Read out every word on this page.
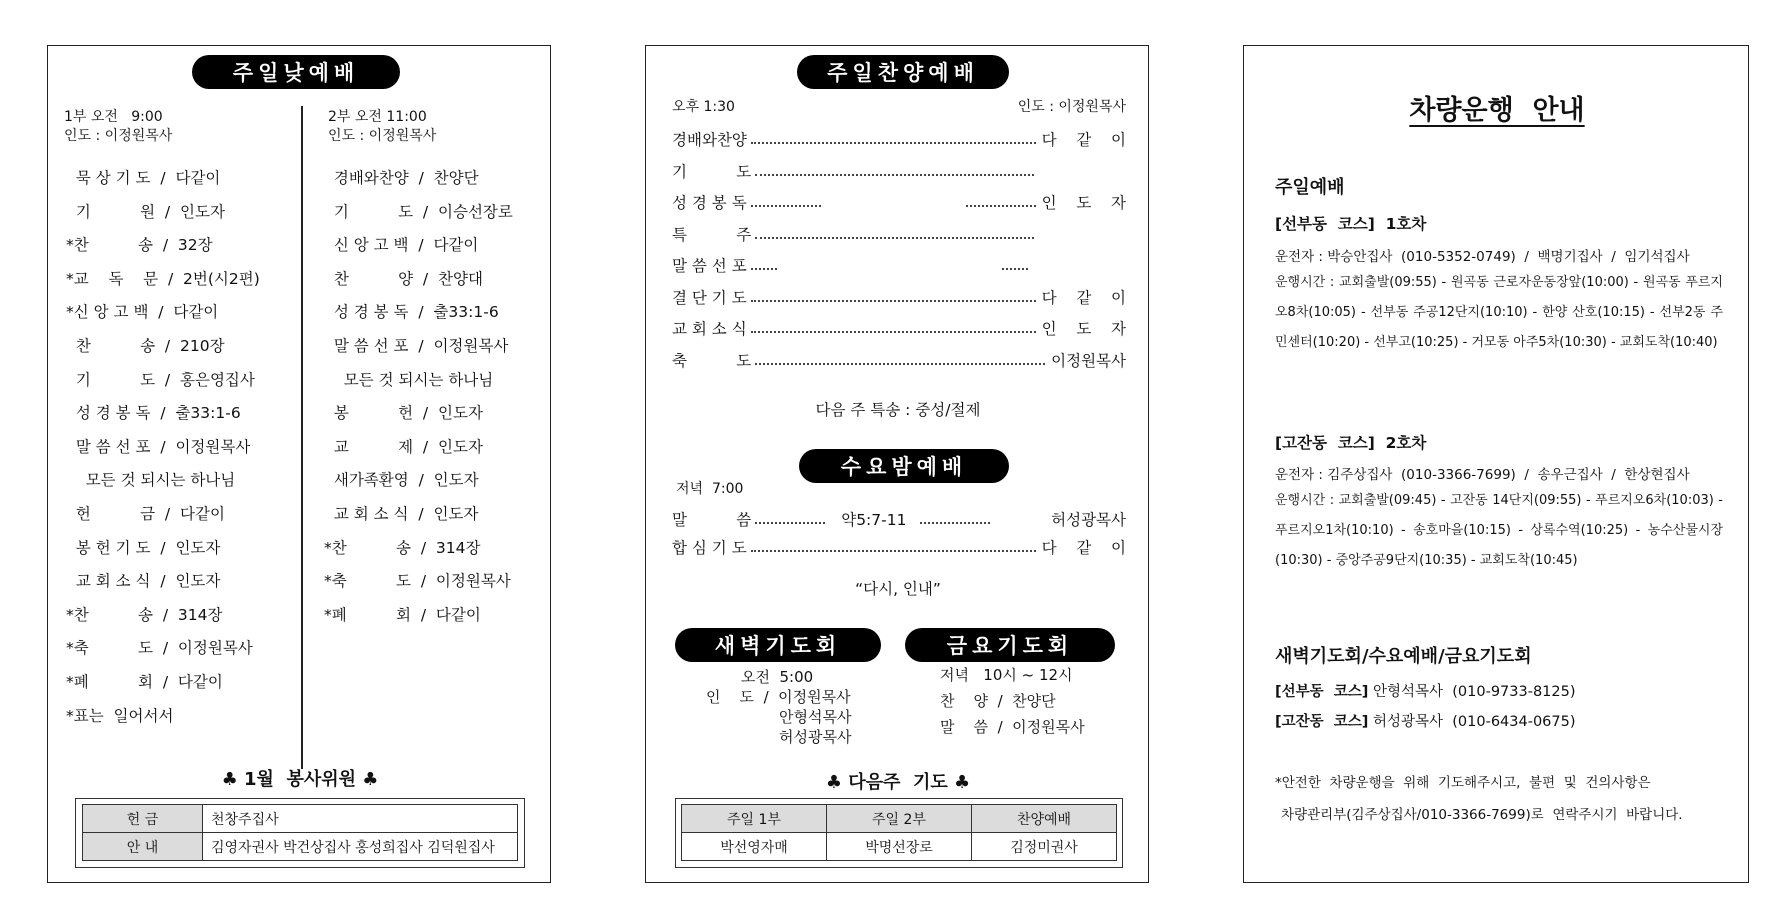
주일낮예배
1부 오전   9:00
인도 : 이정원목사
2부 오전 11:00
인도 : 이정원목사
묵 상 기 도  /  다같이
기          원  /  인도자
*찬          송  /  32장
*교    독    문  /  2번(시2편)
*신 앙 고 백  /  다같이
찬          송  /  210장
기          도  /  홍은영집사
성 경 봉 독  /  출33:1-6
말 씀 선 포  /  이정원목사
모든 것 되시는 하나님
헌          금  /  다같이
봉 헌 기 도  /  인도자
교 회 소 식  /  인도자
*찬          송  /  314장
*축          도  /  이정원목사
*폐          회  /  다같이
*표는  일어서서
경배와찬양  /  찬양단
기          도  /  이승선장로
신 앙 고 백  /  다같이
찬          양  /  찬양대
성 경 봉 독  /  출33:1-6
말 씀 선 포  /  이정원목사
모든 것 되시는 하나님
봉          헌  /  인도자
교          제  /  인도자
새가족환영  /  인도자
교 회 소 식  /  인도자
*찬          송  /  314장
*축          도  /  이정원목사
*폐          회  /  다같이
♣ 1월  봉사위원 ♣
헌 금	천창주집사
안 내	김영자권사 박건상집사 홍성희집사 김덕원집사
주일찬양예배
오후 1:30	인도 : 이정원목사
경배와찬양	다    같    이
기          도
성 경 봉 독	인    도    자
특          주
말 씀 선 포
결 단 기 도	다    같    이
교 회 소 식	인    도    자
축          도	이정원목사
다음 주 특송 : 중성/절제
수요밤예배
저녁  7:00
말          씀	약5:7-11	허성광목사
합 심 기 도	다    같    이
“다시, 인내”
새벽기도회	금요기도회
오전  5:00
인    도  /  이정원목사
안형석목사
허성광목사
저녁   10시 ~ 12시
찬    양  /  찬양단
말    씀  /  이정원목사
♣ 다음주  기도 ♣
주일 1부	주일 2부	찬양예배
박선영자매	박명선장로	김정미권사
차량운행  안내
주일예배
[선부동  코스]  1호차
운전자 : 박승안집사  (010-5352-0749)  /  백명기집사  /  임기석집사
운행시간 : 교회출발(09:55) - 원곡동 근로자운동장앞(10:00) - 원곡동 푸르지오8차(10:05) - 선부동 주공12단지(10:10) - 한양 산호(10:15) - 선부2동 주민센터(10:20) - 선부고(10:25) - 거모동 아주5차(10:30) - 교회도착(10:40)
[고잔동  코스]  2호차
운전자 : 김주상집사  (010-3366-7699)  /  송우근집사  /  한상현집사
운행시간 : 교회출발(09:45) - 고잔동 14단지(09:55) - 푸르지오6차(10:03) - 푸르지오1차(10:10) - 송호마을(10:15) - 상록수역(10:25) - 농수산물시장(10:30) - 중앙주공9단지(10:35) - 교회도착(10:45)
새벽기도회/수요예배/금요기도회
[선부동  코스] 안형석목사  (010-9733-8125)
[고잔동  코스] 허성광목사  (010-6434-0675)
*안전한  차량운행을  위해  기도해주시고,  불편  및  건의사항은
차량관리부(김주상집사/010-3366-7699)로  연락주시기  바랍니다.
